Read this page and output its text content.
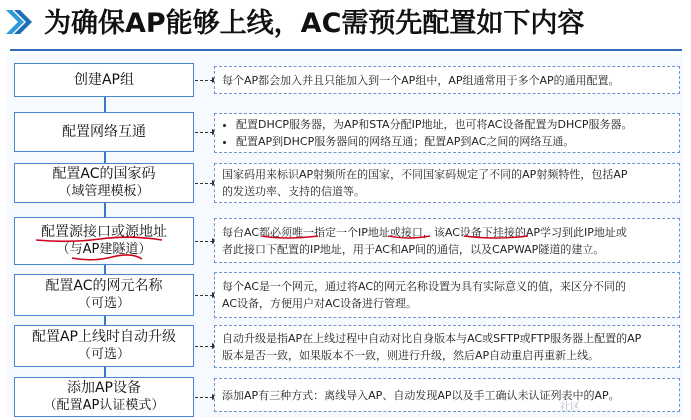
为确保AP能够上线，AC需预先配置如下内容
创建AP组	每个AP都会加入并且只能加入到一个AP组中，AP组通常用于多个AP的通用配置。
配置网络互通
•	配置DHCP服务器，为AP和STA分配IP地址，也可将AC设备配置为DHCP服务器。
• 配置AP到DHCP服务器间的网络互通；配置AP到AC之间的网络互通。
配置AC的国家码
（域管理模板）
国家码用来标识AP射频所在的国家，不同国家码规定了不同的AP射频特性，包括AP
的发送功率、支持的信道等。
配置源接口或源地址
（与AP建隧道）
每台AC都必须唯一指定一个IP地址或接口，该AC设备下挂接的AP学习到此IP地址或
者此接口下配置的IP地址，用于AC和AP间的通信，以及CAPWAP隧道的建立。
配置AC的网元名称
（可选）
每个AC是一个网元，通过将AC的网元名称设置为具有实际意义的值，来区分不同的
AC设备，方便用户对AC设备进行管理。
配置AP上线时自动升级
（可选）
自动升级是指AP在上线过程中自动对比自身版本与AC或SFTP或FTP服务器上配置的AP
版本是否一致，如果版本不一致，则进行升级，然后AP自动重启再重新上线。
添加AP设备
（配置AP认证模式）
添加AP有三种方式：离线导入AP、自动发现AP以及手工确认未认证列表中的AP。
社区
